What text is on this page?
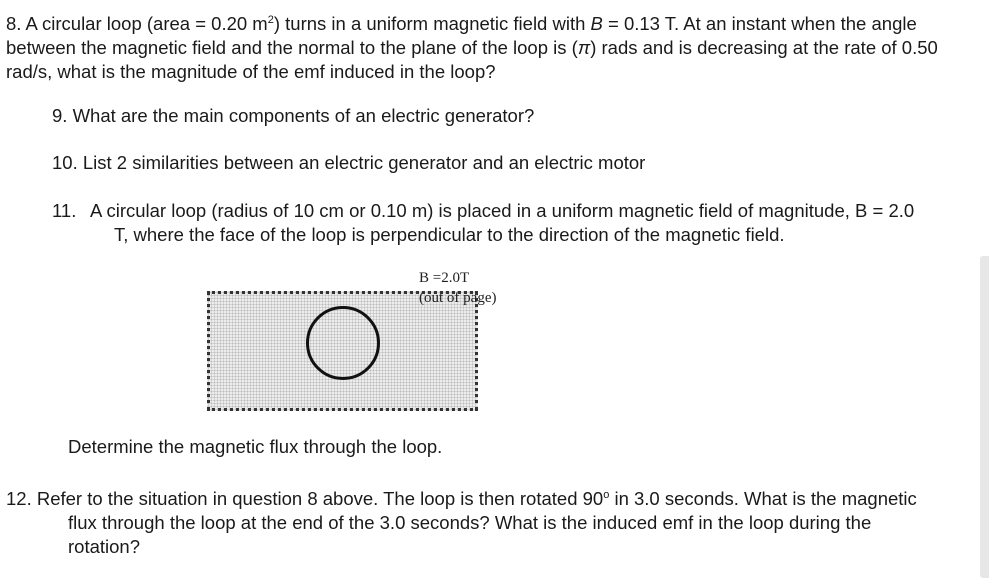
8. A circular loop (area = 0.20 $m^2$) turns in a uniform magnetic field with B = 0.13 T. At an instant when the angle between the magnetic field and the normal to the plane of the loop is (π) rads and is decreasing at the rate of 0.50 rad/s, what is the magnitude of the emf induced in the loop?
9. What are the main components of an electric generator?
10. List 2 similarities between an electric generator and an electric motor
11. A circular loop (radius of 10 cm or 0.10 m) is placed in a uniform magnetic field of magnitude, B = 2.0 T, where the face of the loop is perpendicular to the direction of the magnetic field.
B =2.0T
(out of page)
Determine the magnetic flux through the loop.
12. Refer to the situation in question 8 above. The loop is then rotated 90$^o$ in 3.0 seconds. What is the magnetic flux through the loop at the end of the 3.0 seconds? What is the induced emf in the loop during the rotation?
